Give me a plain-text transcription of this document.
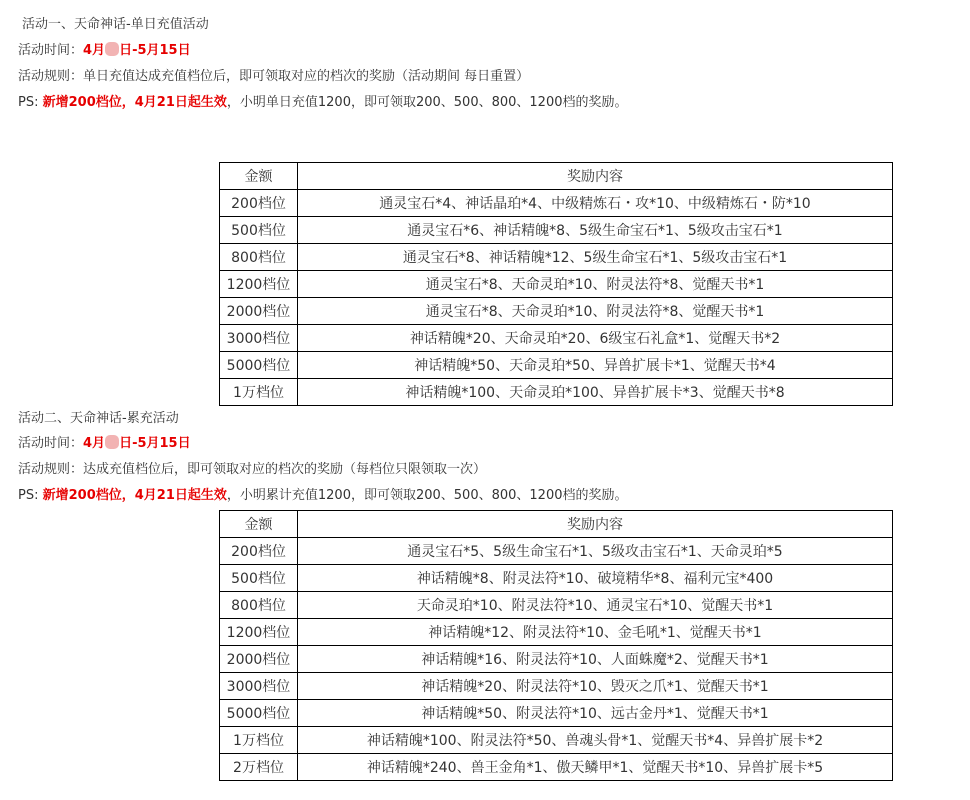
活动一、天命神话-单日充值活动
活动时间：4月 日-5月15日
活动规则：单日充值达成充值档位后，即可领取对应的档次的奖励（活动期间 每日重置）
PS: 新增200档位，4月21日起生效，小明单日充值1200，即可领取200、500、800、1200档的奖励。
金额	奖励内容
200档位	通灵宝石*4、神话晶珀*4、中级精炼石・攻*10、中级精炼石・防*10
500档位	通灵宝石*6、神话精魄*8、5级生命宝石*1、5级攻击宝石*1
800档位	通灵宝石*8、神话精魄*12、5级生命宝石*1、5级攻击宝石*1
1200档位	通灵宝石*8、天命灵珀*10、附灵法符*8、觉醒天书*1
2000档位	通灵宝石*8、天命灵珀*10、附灵法符*8、觉醒天书*1
3000档位	神话精魄*20、天命灵珀*20、6级宝石礼盒*1、觉醒天书*2
5000档位	神话精魄*50、天命灵珀*50、异兽扩展卡*1、觉醒天书*4
1万档位	神话精魄*100、天命灵珀*100、异兽扩展卡*3、觉醒天书*8
活动二、天命神话-累充活动
活动时间：4月 日-5月15日
活动规则：达成充值档位后，即可领取对应的档次的奖励（每档位只限领取一次）
PS: 新增200档位，4月21日起生效，小明累计充值1200，即可领取200、500、800、1200档的奖励。
金额	奖励内容
200档位	通灵宝石*5、5级生命宝石*1、5级攻击宝石*1、天命灵珀*5
500档位	神话精魄*8、附灵法符*10、破境精华*8、福利元宝*400
800档位	天命灵珀*10、附灵法符*10、通灵宝石*10、觉醒天书*1
1200档位	神话精魄*12、附灵法符*10、金毛吼*1、觉醒天书*1
2000档位	神话精魄*16、附灵法符*10、人面蛛魔*2、觉醒天书*1
3000档位	神话精魄*20、附灵法符*10、毁灭之爪*1、觉醒天书*1
5000档位	神话精魄*50、附灵法符*10、远古金丹*1、觉醒天书*1
1万档位	神话精魄*100、附灵法符*50、兽魂头骨*1、觉醒天书*4、异兽扩展卡*2
2万档位	神话精魄*240、兽王金角*1、傲天鳞甲*1、觉醒天书*10、异兽扩展卡*5
